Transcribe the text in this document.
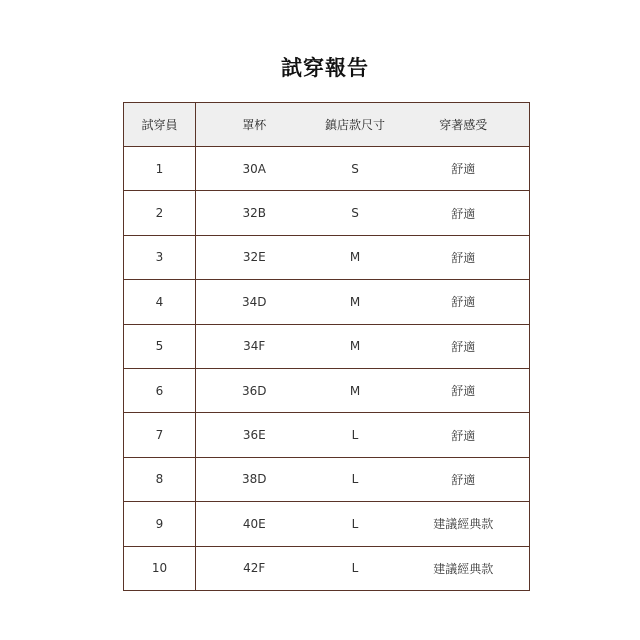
試穿報告
試穿員	罩杯	鎮店款尺寸	穿著感受
1	30A	S	舒適
2	32B	S	舒適
3	32E	M	舒適
4	34D	M	舒適
5	34F	M	舒適
6	36D	M	舒適
7	36E	L	舒適
8	38D	L	舒適
9	40E	L	建議經典款
10	42F	L	建議經典款
